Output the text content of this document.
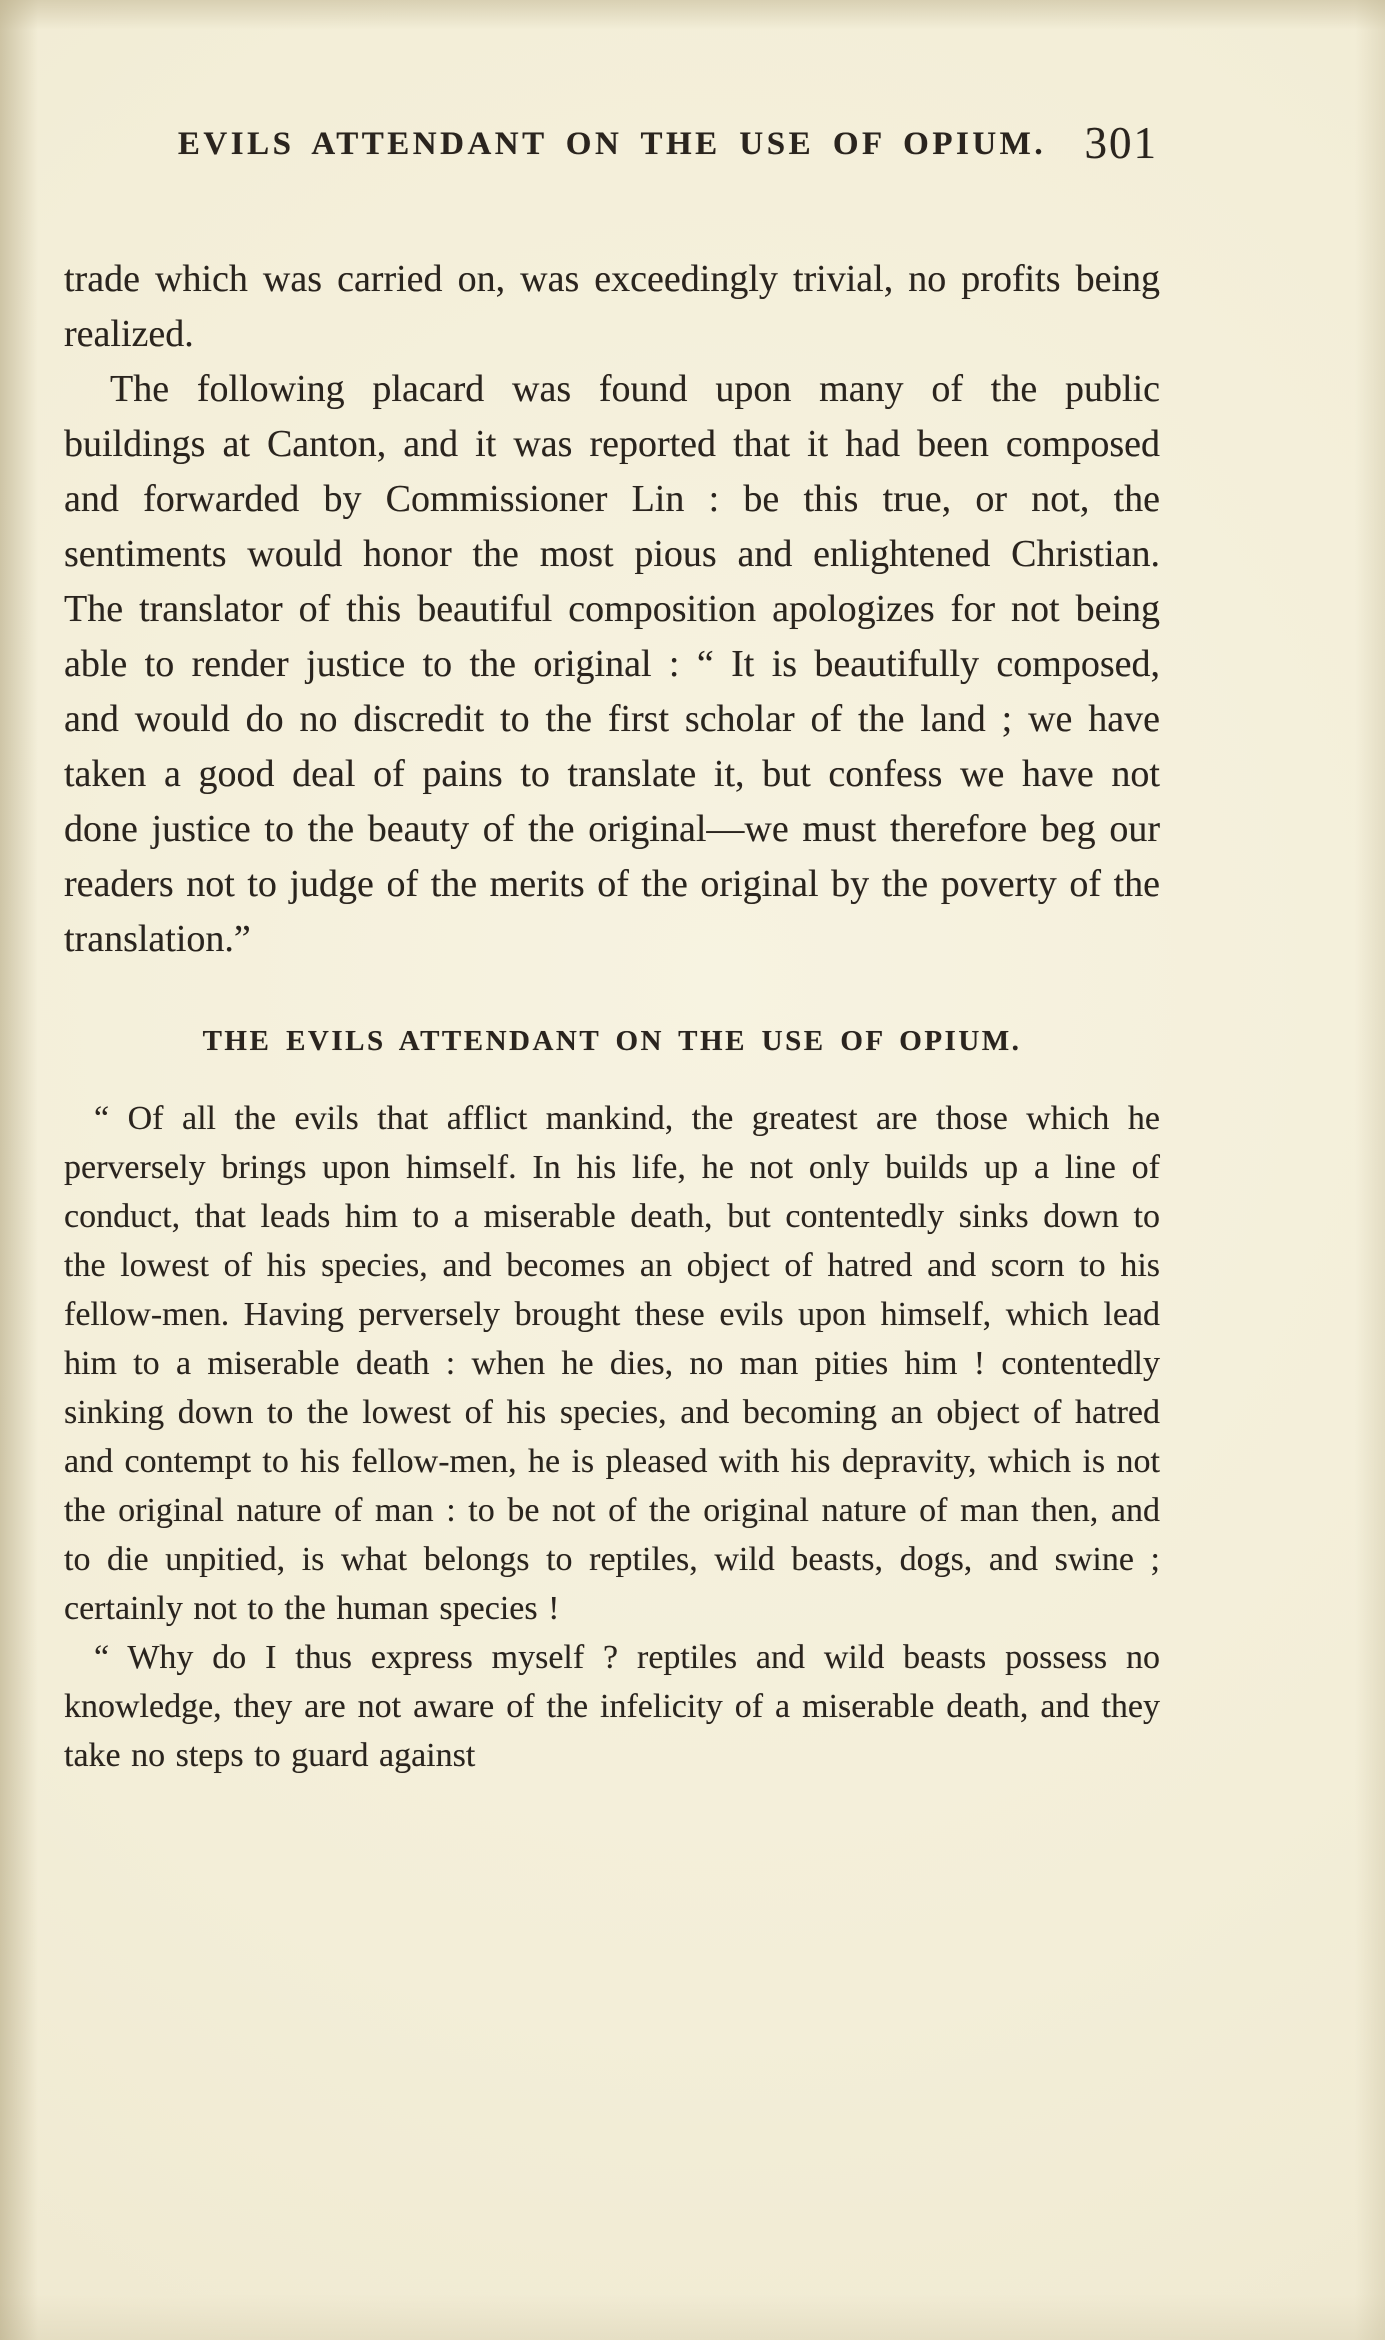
EVILS ATTENDANT ON THE USE OF OPIUM. 301

trade which was carried on, was exceedingly trivial, no profits being realized.

The following placard was found upon many of the public buildings at Canton, and it was reported that it had been composed and forwarded by Commissioner Lin : be this true, or not, the sentiments would honor the most pious and enlightened Christian. The translator of this beautiful composition apologizes for not being able to render justice to the original : “ It is beautifully composed, and would do no discredit to the first scholar of the land ; we have taken a good deal of pains to translate it, but confess we have not done justice to the beauty of the original—we must therefore beg our readers not to judge of the merits of the original by the poverty of the translation.”

THE EVILS ATTENDANT ON THE USE OF OPIUM.

“ Of all the evils that afflict mankind, the greatest are those which he perversely brings upon himself. In his life, he not only builds up a line of conduct, that leads him to a miserable death, but contentedly sinks down to the lowest of his species, and becomes an object of hatred and scorn to his fellow-men. Having perversely brought these evils upon himself, which lead him to a miserable death : when he dies, no man pities him ! contentedly sinking down to the lowest of his species, and becoming an object of hatred and contempt to his fellow-men, he is pleased with his depravity, which is not the original nature of man : to be not of the original nature of man then, and to die unpitied, is what belongs to reptiles, wild beasts, dogs, and swine ; certainly not to the human species !

“ Why do I thus express myself ? reptiles and wild beasts possess no knowledge, they are not aware of the infelicity of a miserable death, and they take no steps to guard against
